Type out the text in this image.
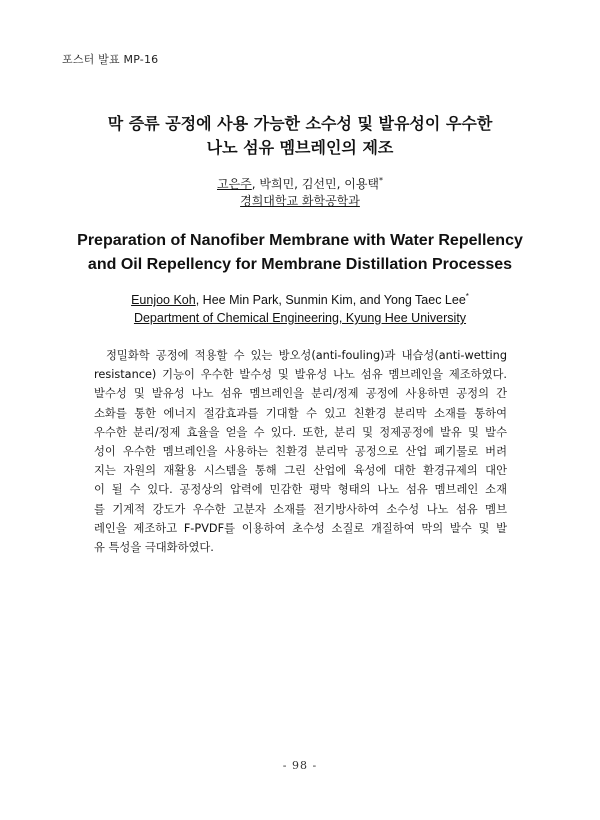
포스터 발표 MP-16
막 증류 공정에 사용 가능한 소수성 및 발유성이 우수한
나노 섬유 멤브레인의 제조
고은주, 박희민, 김선민, 이용택*
경희대학교 화학공학과
Preparation of Nanofiber Membrane with Water Repellency
and Oil Repellency for Membrane Distillation Processes
Eunjoo Koh, Hee Min Park, Sunmin Kim, and Yong Taec Lee*
Department of Chemical Engineering, Kyung Hee University
정밀화학 공정에 적용할 수 있는 방오성(anti-fouling)과 내습성(anti-wetting
resistance) 기능이 우수한 발수성 및 발유성 나노 섬유 멤브레인을 제조하였다.
발수성 및 발유성 나노 섬유 멤브레인을 분리/정제 공정에 사용하면 공정의 간
소화를 통한 에너지 절감효과를 기대할 수 있고 친환경 분리막 소재를 통하여
우수한 분리/정제 효율을 얻을 수 있다. 또한, 분리 및 정제공정에 발유 및 발수
성이 우수한 멤브레인을 사용하는 친환경 분리막 공정으로 산업 폐기물로 버려
지는 자원의 재활용 시스템을 통해 그린 산업에 육성에 대한 환경규제의 대안
이 될 수 있다. 공정상의 압력에 민감한 평막 형태의 나노 섬유 멤브레인 소재
를 기계적 강도가 우수한 고분자 소재를 전기방사하여 소수성 나노 섬유 멤브
레인을 제조하고 F-PVDF를 이용하여 초수성 소질로 개질하여 막의 발수 및 발
유 특성을 극대화하였다.
- 98 -
